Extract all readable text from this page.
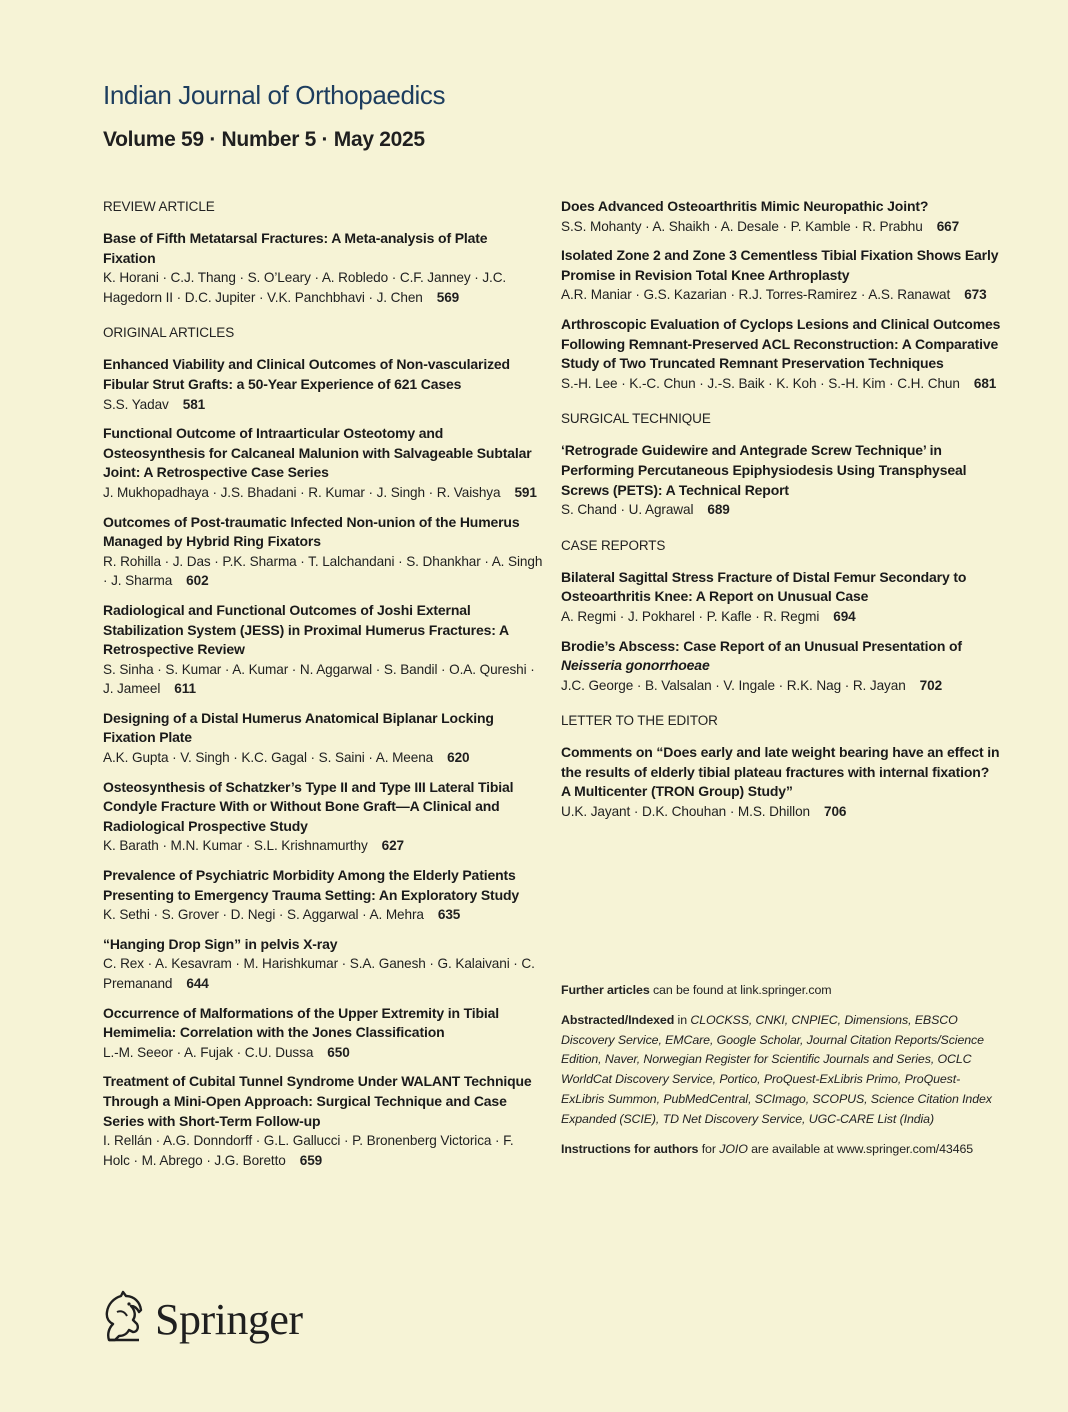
Indian Journal of Orthopaedics
Volume 59 · Number 5 · May 2025
REVIEW ARTICLE
Base of Fifth Metatarsal Fractures: A Meta-analysis of Plate Fixation
K. Horani · C.J. Thang · S. O’Leary · A. Robledo · C.F. Janney · J.C. Hagedorn II · D.C. Jupiter · V.K. Panchbhavi · J. Chen 569
ORIGINAL ARTICLES
Enhanced Viability and Clinical Outcomes of Non-vascularized Fibular Strut Grafts: a 50-Year Experience of 621 Cases
S.S. Yadav 581
Functional Outcome of Intraarticular Osteotomy and Osteosynthesis for Calcaneal Malunion with Salvageable Subtalar Joint: A Retrospective Case Series
J. Mukhopadhaya · J.S. Bhadani · R. Kumar · J. Singh · R. Vaishya 591
Outcomes of Post-traumatic Infected Non-union of the Humerus Managed by Hybrid Ring Fixators
R. Rohilla · J. Das · P.K. Sharma · T. Lalchandani · S. Dhankhar · A. Singh · J. Sharma 602
Radiological and Functional Outcomes of Joshi External Stabilization System (JESS) in Proximal Humerus Fractures: A Retrospective Review
S. Sinha · S. Kumar · A. Kumar · N. Aggarwal · S. Bandil · O.A. Qureshi · J. Jameel 611
Designing of a Distal Humerus Anatomical Biplanar Locking Fixation Plate
A.K. Gupta · V. Singh · K.C. Gagal · S. Saini · A. Meena 620
Osteosynthesis of Schatzker’s Type II and Type III Lateral Tibial Condyle Fracture With or Without Bone Graft—A Clinical and Radiological Prospective Study
K. Barath · M.N. Kumar · S.L. Krishnamurthy 627
Prevalence of Psychiatric Morbidity Among the Elderly Patients Presenting to Emergency Trauma Setting: An Exploratory Study
K. Sethi · S. Grover · D. Negi · S. Aggarwal · A. Mehra 635
“Hanging Drop Sign” in pelvis X-ray
C. Rex · A. Kesavram · M. Harishkumar · S.A. Ganesh · G. Kalaivani · C. Premanand 644
Occurrence of Malformations of the Upper Extremity in Tibial Hemimelia: Correlation with the Jones Classification
L.-M. Seeor · A. Fujak · C.U. Dussa 650
Treatment of Cubital Tunnel Syndrome Under WALANT Technique Through a Mini-Open Approach: Surgical Technique and Case Series with Short-Term Follow-up
I. Rellán · A.G. Donndorff · G.L. Gallucci · P. Bronenberg Victorica · F. Holc · M. Abrego · J.G. Boretto 659
Does Advanced Osteoarthritis Mimic Neuropathic Joint?
S.S. Mohanty · A. Shaikh · A. Desale · P. Kamble · R. Prabhu 667
Isolated Zone 2 and Zone 3 Cementless Tibial Fixation Shows Early Promise in Revision Total Knee Arthroplasty
A.R. Maniar · G.S. Kazarian · R.J. Torres-Ramirez · A.S. Ranawat 673
Arthroscopic Evaluation of Cyclops Lesions and Clinical Outcomes Following Remnant-Preserved ACL Reconstruction: A Comparative Study of Two Truncated Remnant Preservation Techniques
S.-H. Lee · K.-C. Chun · J.-S. Baik · K. Koh · S.-H. Kim · C.H. Chun 681
SURGICAL TECHNIQUE
‘Retrograde Guidewire and Antegrade Screw Technique’ in Performing Percutaneous Epiphysiodesis Using Transphyseal Screws (PETS): A Technical Report
S. Chand · U. Agrawal 689
CASE REPORTS
Bilateral Sagittal Stress Fracture of Distal Femur Secondary to Osteoarthritis Knee: A Report on Unusual Case
A. Regmi · J. Pokharel · P. Kafle · R. Regmi 694
Brodie’s Abscess: Case Report of an Unusual Presentation of Neisseria gonorrhoeae
J.C. George · B. Valsalan · V. Ingale · R.K. Nag · R. Jayan 702
LETTER TO THE EDITOR
Comments on “Does early and late weight bearing have an effect in the results of elderly tibial plateau fractures with internal fixation? A Multicenter (TRON Group) Study”
U.K. Jayant · D.K. Chouhan · M.S. Dhillon 706
Further articles can be found at link.springer.com
Abstracted/Indexed in CLOCKSS, CNKI, CNPIEC, Dimensions, EBSCO Discovery Service, EMCare, Google Scholar, Journal Citation Reports/Science Edition, Naver, Norwegian Register for Scientific Journals and Series, OCLC WorldCat Discovery Service, Portico, ProQuest-ExLibris Primo, ProQuest-ExLibris Summon, PubMedCentral, SCImago, SCOPUS, Science Citation Index Expanded (SCIE), TD Net Discovery Service, UGC-CARE List (India)
Instructions for authors for JOIO are available at www.springer.com/43465
Springer
